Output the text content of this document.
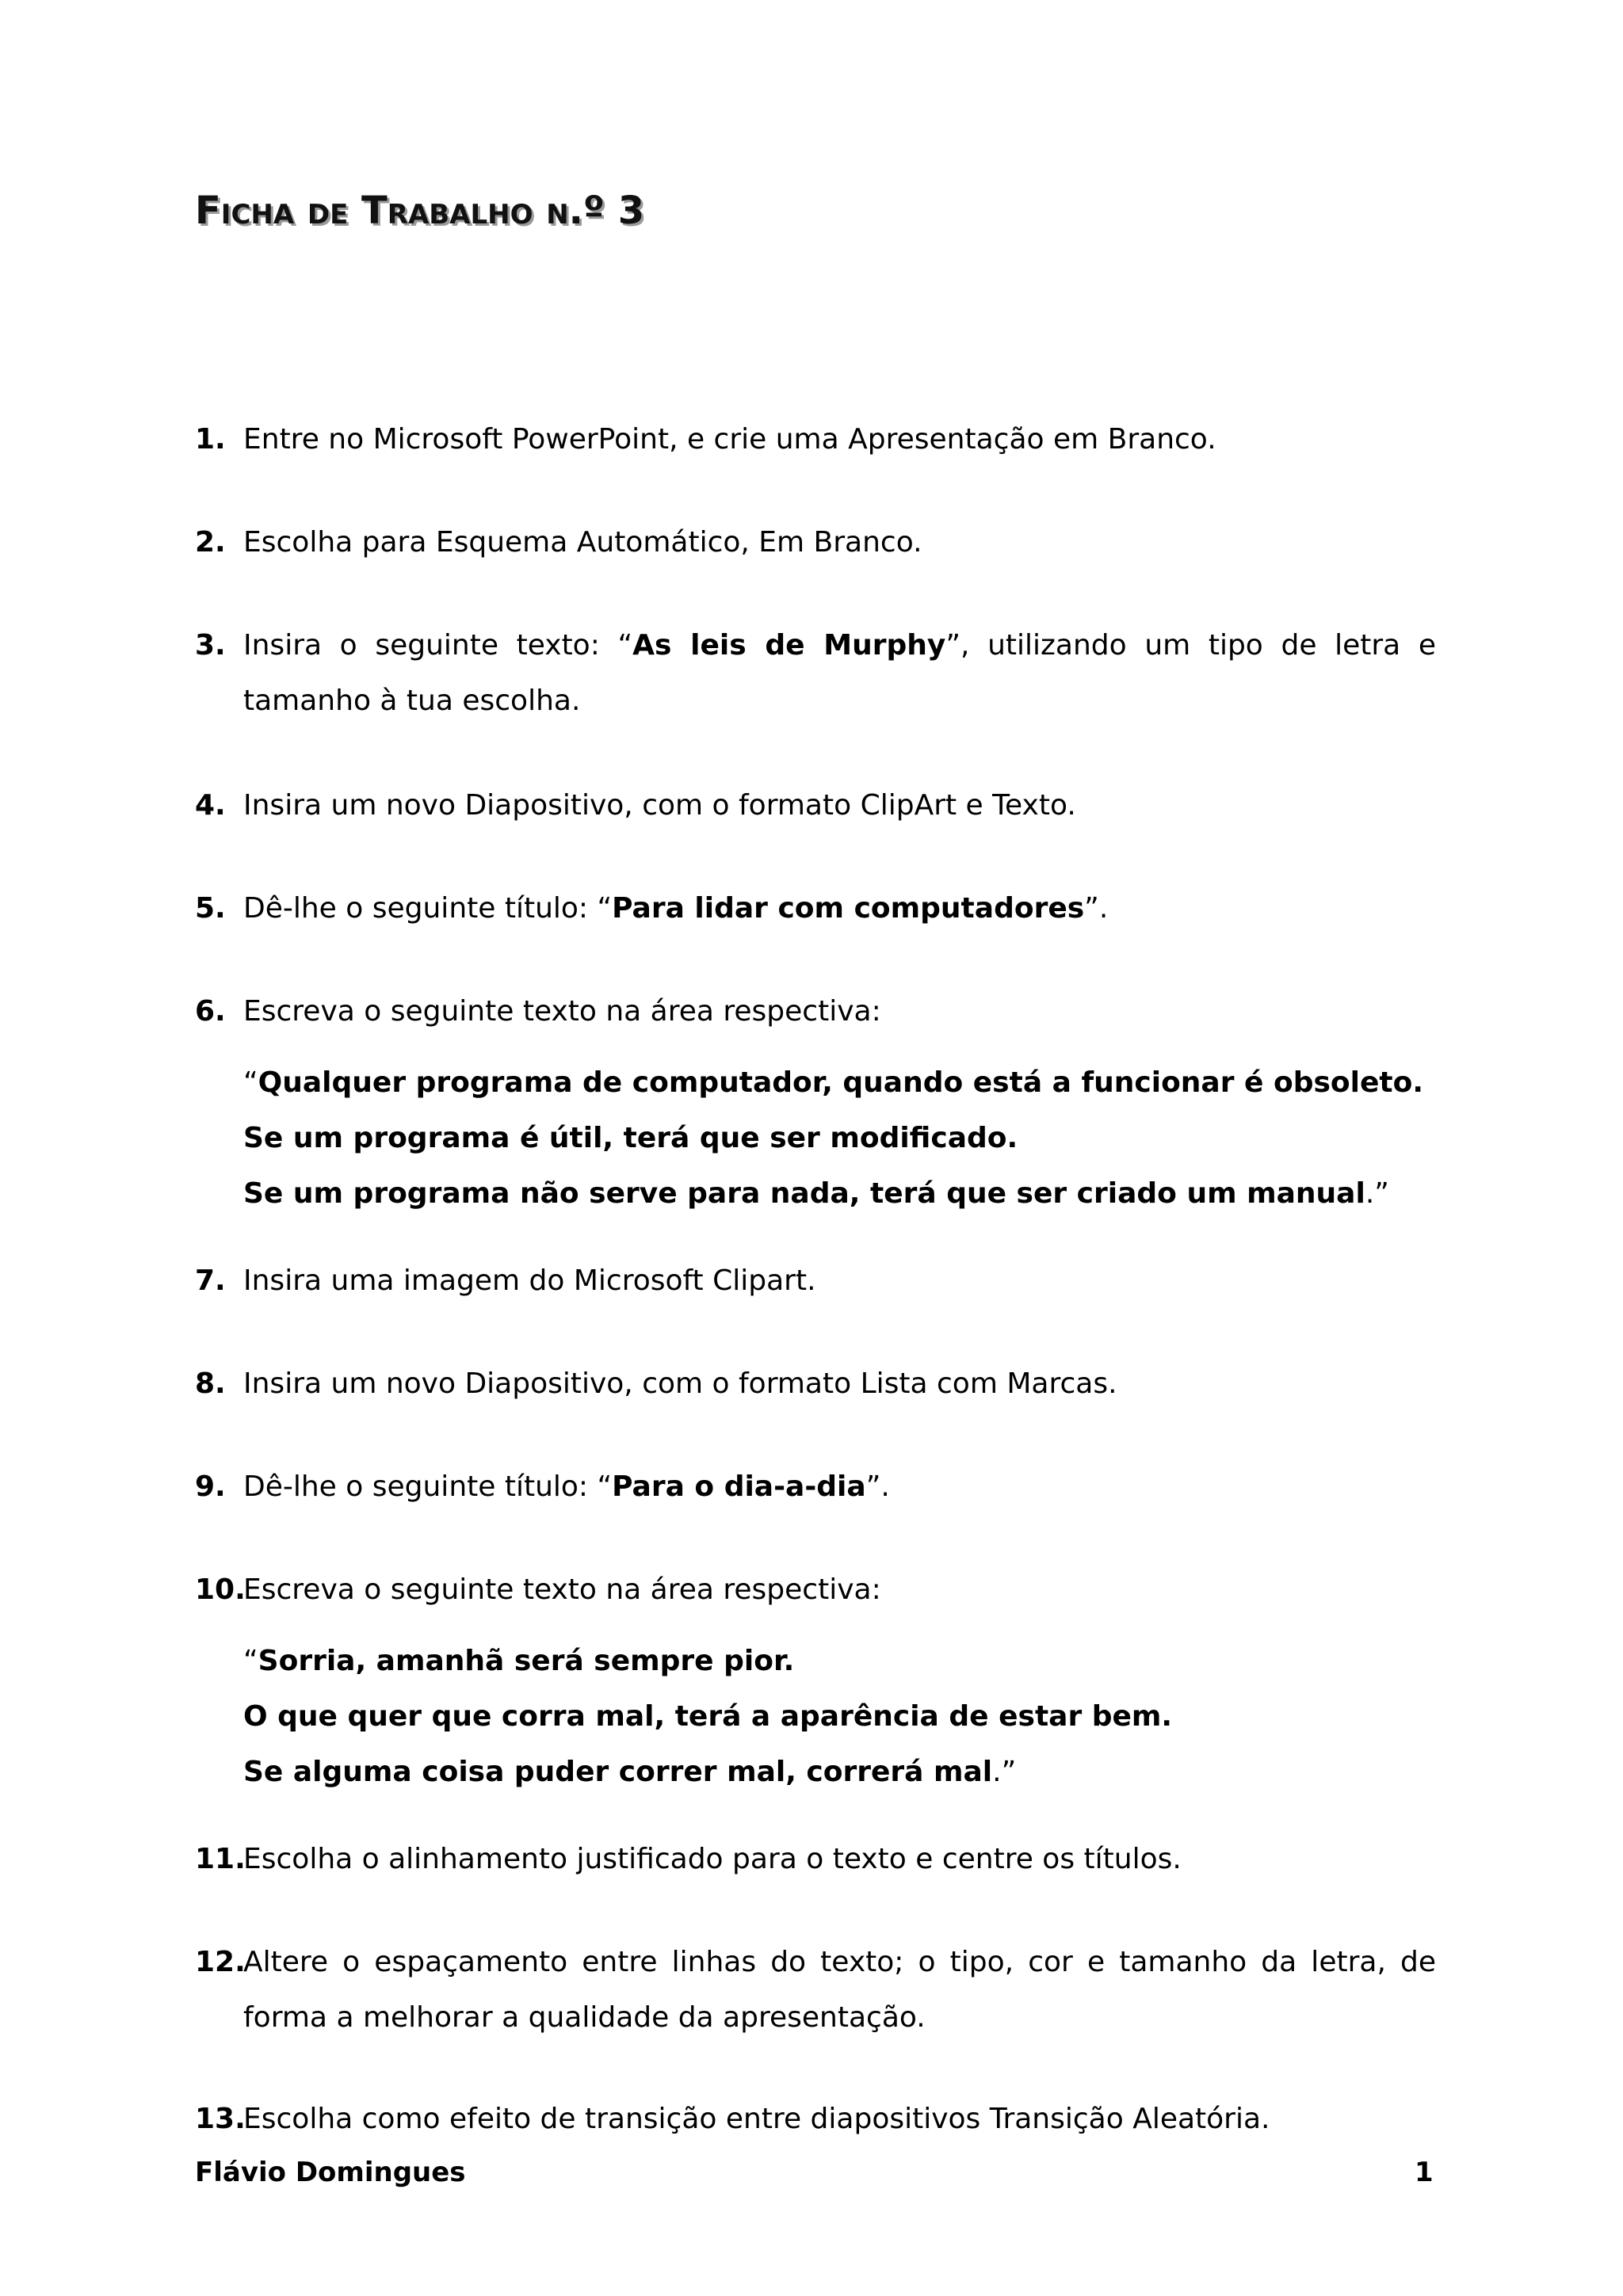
Ficha de Trabalho n.º 3
1. Entre no Microsoft PowerPoint, e crie uma Apresentação em Branco.
2. Escolha para Esquema Automático, Em Branco.
3. Insira o seguinte texto: “As leis de Murphy”, utilizando um tipo de letra e tamanho à tua escolha.
4. Insira um novo Diapositivo, com o formato ClipArt e Texto.
5. Dê-lhe o seguinte título: “Para lidar com computadores”.
6. Escreva o seguinte texto na área respectiva:
“Qualquer programa de computador, quando está a funcionar é obsoleto.
Se um programa é útil, terá que ser modificado.
Se um programa não serve para nada, terá que ser criado um manual.”
7. Insira uma imagem do Microsoft Clipart.
8. Insira um novo Diapositivo, com o formato Lista com Marcas.
9. Dê-lhe o seguinte título: “Para o dia-a-dia”.
10.
Escreva o seguinte texto na área respectiva:
“Sorria, amanhã será sempre pior.
O que quer que corra mal, terá a aparência de estar bem.
Se alguma coisa puder correr mal, correrá mal.”
11.
Escolha o alinhamento justificado para o texto e centre os títulos.
12.
Altere o espaçamento entre linhas do texto; o tipo, cor e tamanho da letra, de forma a melhorar a qualidade da apresentação.
13.
Escolha como efeito de transição entre diapositivos Transição Aleatória.
Flávio Domingues	1
